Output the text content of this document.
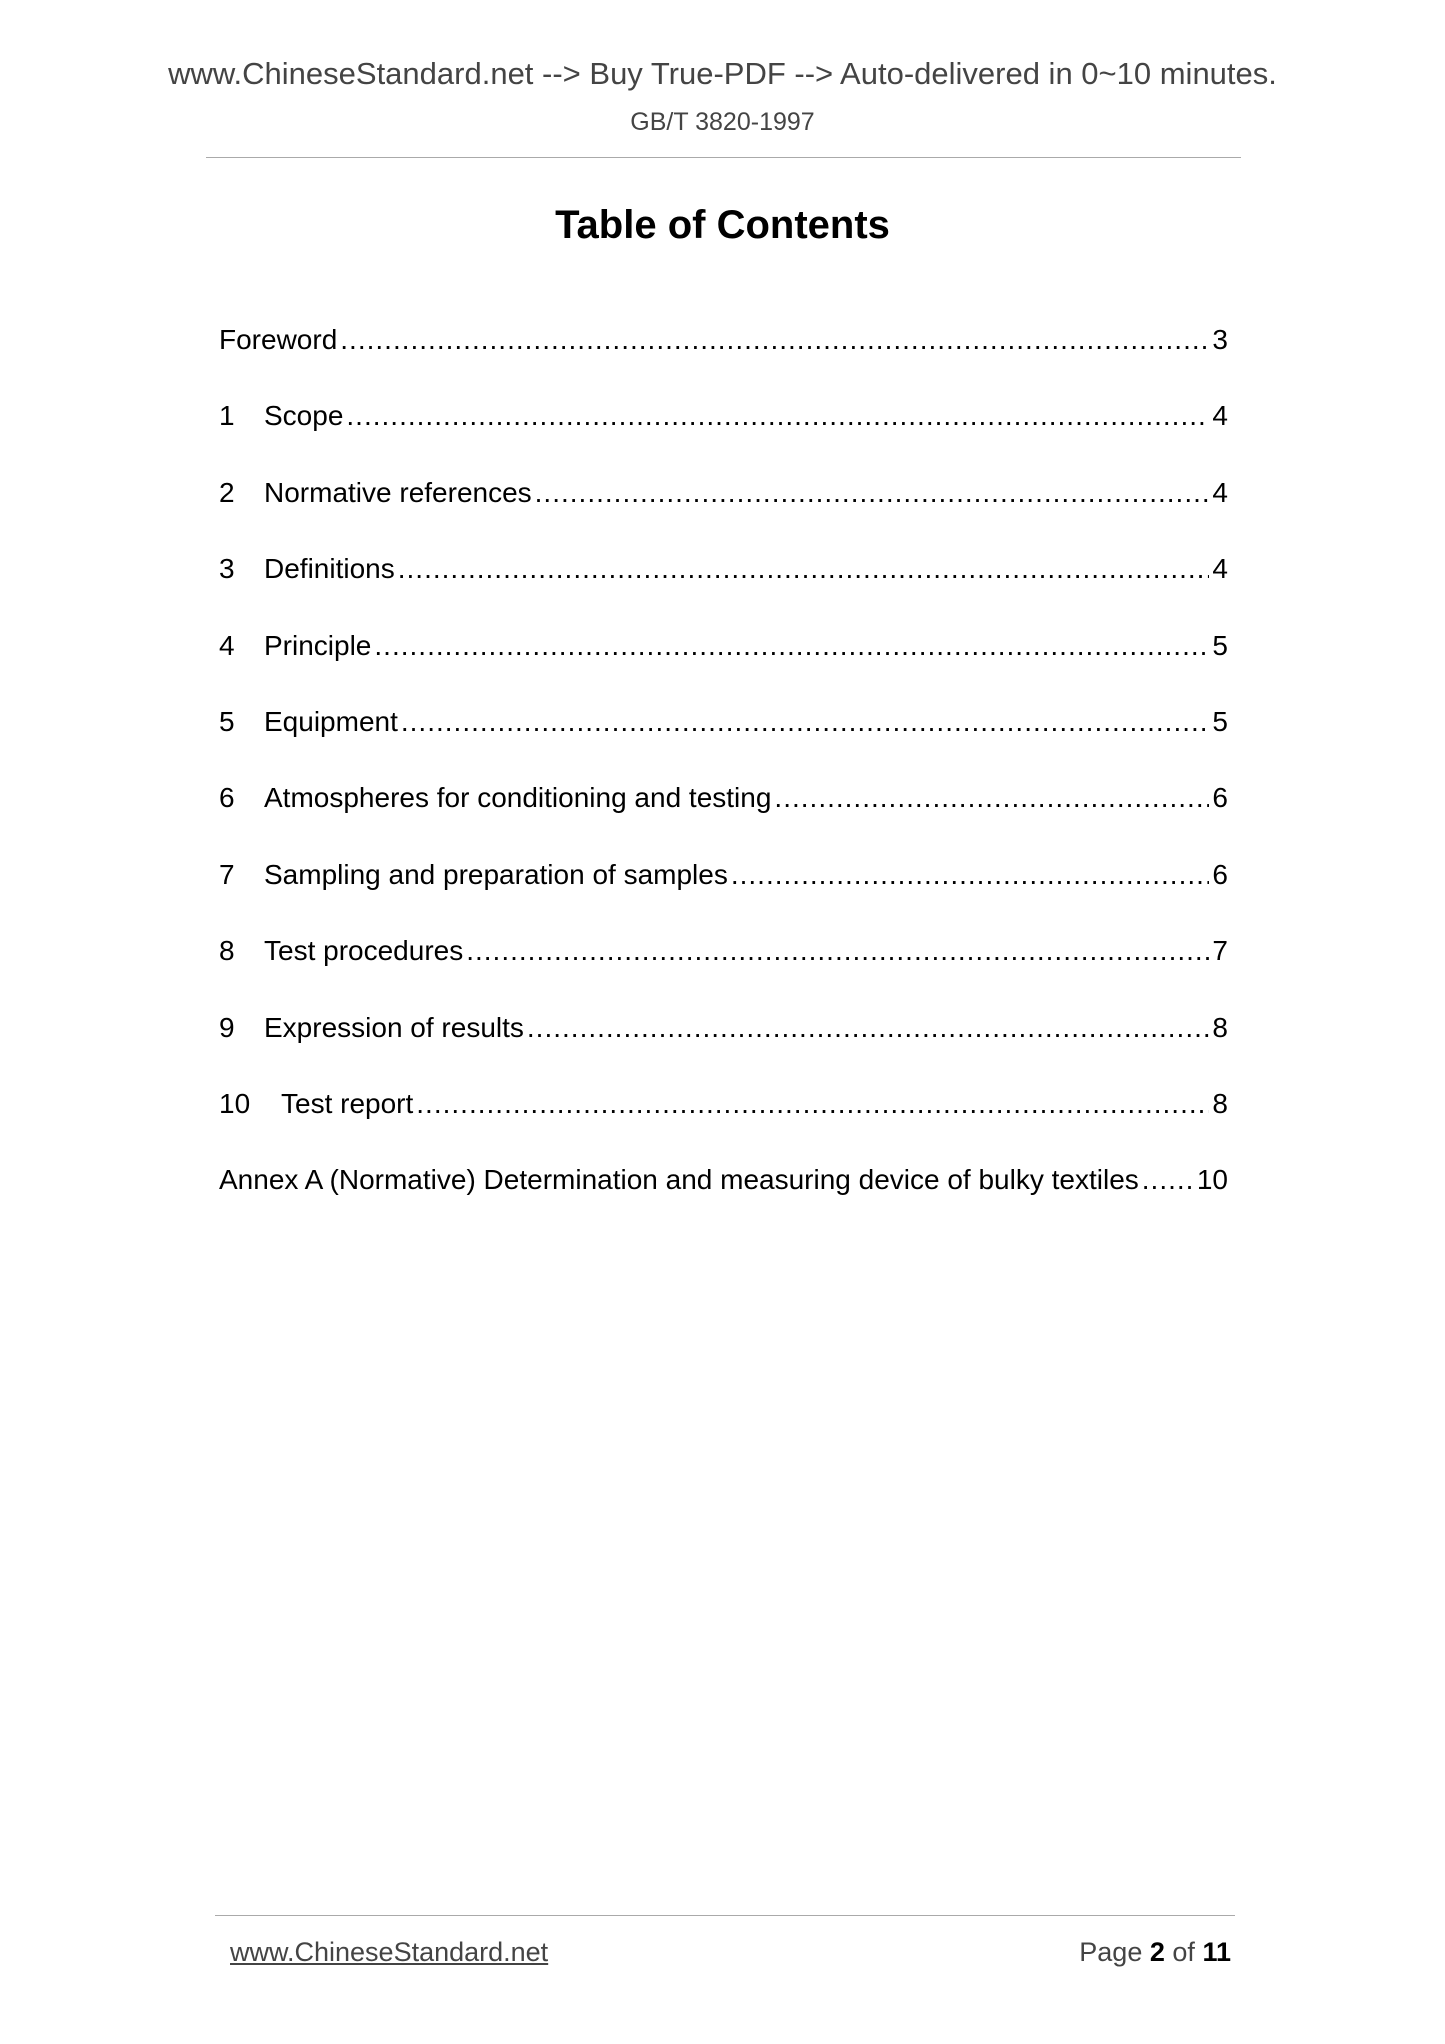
www.ChineseStandard.net --> Buy True-PDF --> Auto-delivered in 0~10 minutes.
GB/T 3820-1997
Table of Contents
Foreword .....	3
1	Scope .....	4
2	Normative references .....	4
3	Definitions .....	4
4	Principle .....	5
5	Equipment .....	5
6	Atmospheres for conditioning and testing .....	6
7	Sampling and preparation of samples .....	6
8	Test procedures .....	7
9	Expression of results .....	8
10	Test report .....	8
Annex A (Normative) Determination and measuring device of bulky textiles ..... 10
www.ChineseStandard.net	Page 2 of 11
